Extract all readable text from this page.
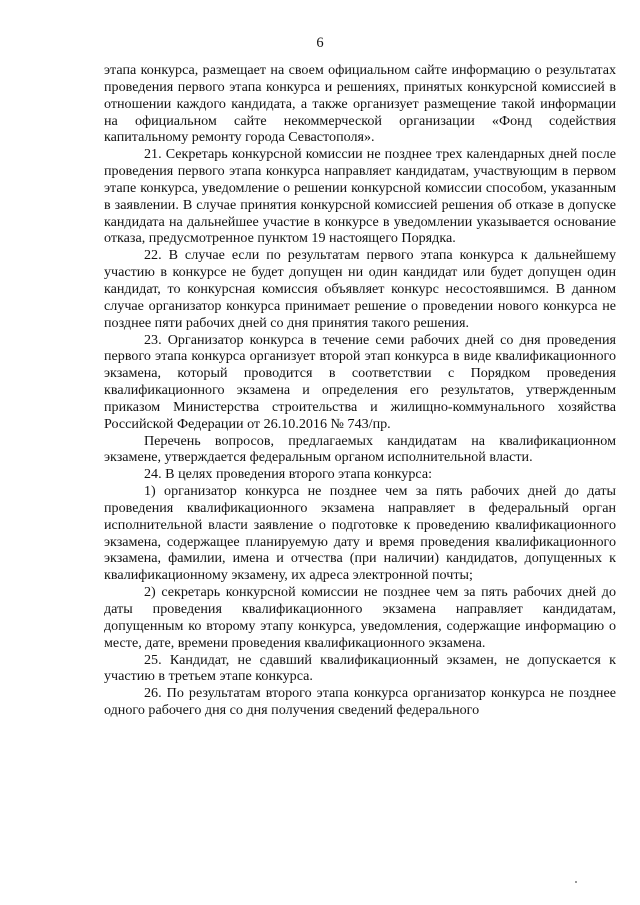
6

этапа конкурса, размещает на своем официальном сайте информацию о результатах проведения первого этапа конкурса и решениях, принятых конкурсной комиссией в отношении каждого кандидата, а также организует размещение такой информации на официальном сайте некоммерческой организации «Фонд содействия капитальному ремонту города Севастополя».

21. Секретарь конкурсной комиссии не позднее трех календарных дней после проведения первого этапа конкурса направляет кандидатам, участвующим в первом этапе конкурса, уведомление о решении конкурсной комиссии способом, указанным в заявлении. В случае принятия конкурсной комиссией решения об отказе в допуске кандидата на дальнейшее участие в конкурсе в уведомлении указывается основание отказа, предусмотренное пунктом 19 настоящего Порядка.

22. В случае если по результатам первого этапа конкурса к дальнейшему участию в конкурсе не будет допущен ни один кандидат или будет допущен один кандидат, то конкурсная комиссия объявляет конкурс несостоявшимся. В данном случае организатор конкурса принимает решение о проведении нового конкурса не позднее пяти рабочих дней со дня принятия такого решения.

23. Организатор конкурса в течение семи рабочих дней со дня проведения первого этапа конкурса организует второй этап конкурса в виде квалификационного экзамена, который проводится в соответствии с Порядком проведения квалификационного экзамена и определения его результатов, утвержденным приказом Министерства строительства и жилищно-коммунального хозяйства Российской Федерации от 26.10.2016 № 743/пр.

Перечень вопросов, предлагаемых кандидатам на квалификационном экзамене, утверждается федеральным органом исполнительной власти.

24. В целях проведения второго этапа конкурса:

1) организатор конкурса не позднее чем за пять рабочих дней до даты проведения квалификационного экзамена направляет в федеральный орган исполнительной власти заявление о подготовке к проведению квалификационного экзамена, содержащее планируемую дату и время проведения квалификационного экзамена, фамилии, имена и отчества (при наличии) кандидатов, допущенных к квалификационному экзамену, их адреса электронной почты;

2) секретарь конкурсной комиссии не позднее чем за пять рабочих дней до даты проведения квалификационного экзамена направляет кандидатам, допущенным ко второму этапу конкурса, уведомления, содержащие информацию о месте, дате, времени проведения квалификационного экзамена.

25. Кандидат, не сдавший квалификационный экзамен, не допускается к участию в третьем этапе конкурса.

26. По результатам второго этапа конкурса организатор конкурса не позднее одного рабочего дня со дня получения сведений федерального
